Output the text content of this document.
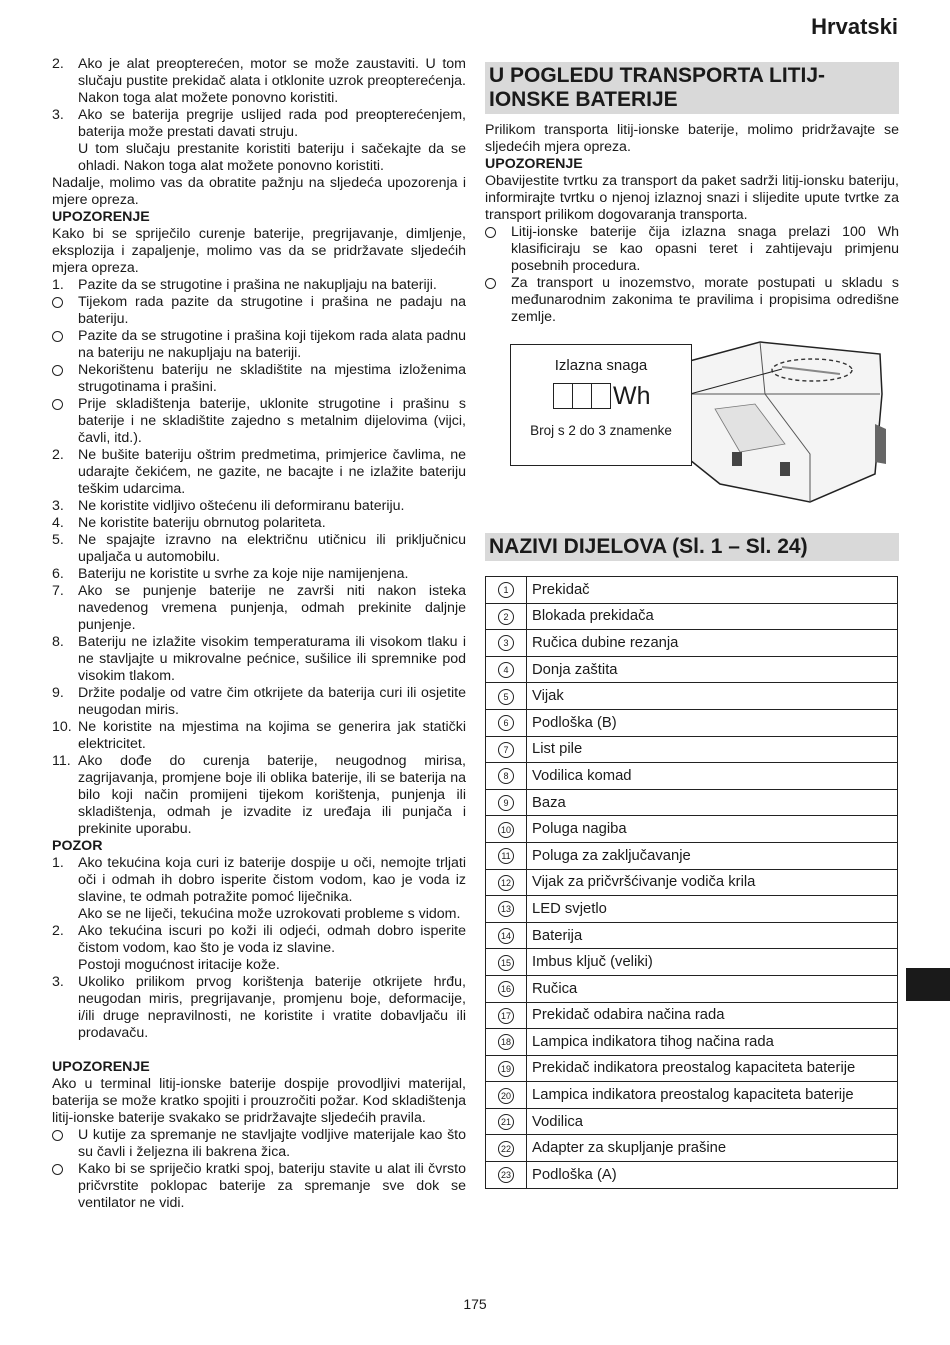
Hrvatski
2. Ako je alat preopterećen, motor se može zaustaviti. U tom slučaju pustite prekidač alata i otklonite uzrok preopterećenja. Nakon toga alat možete ponovno koristiti.
3. Ako se baterija pregrije uslijed rada pod preopterećenjem, baterija može prestati davati struju.

U tom slučaju prestanite koristiti bateriju i sačekajte da se ohladi. Nakon toga alat možete ponovno koristiti.

Nadalje, molimo vas da obratite pažnju na sljedeća upozorenja i mjere opreza.

UPOZORENJE

Kako bi se spriječilo curenje baterije, pregrijavanje, dimljenje, eksplozija i zapaljenje, molimo vas da se pridržavate sljedećih mjera opreza.

1. Pazite da se strugotine i prašina ne nakupljaju na bateriji.
Tijekom rada pazite da strugotine i prašina ne padaju na bateriju.
Pazite da se strugotine i prašina koji tijekom rada alata padnu na bateriju ne nakupljaju na bateriji.
Nekorištenu bateriju ne skladištite na mjestima izloženima strugotinama i prašini.
Prije skladištenja baterije, uklonite strugotine i prašinu s baterije i ne skladištite zajedno s metalnim dijelovima (vijci, čavli, itd.).
2. Ne bušite bateriju oštrim predmetima, primjerice čavlima, ne udarajte čekićem, ne gazite, ne bacajte i ne izlažite bateriju teškim udarcima.
3. Ne koristite vidljivo oštećenu ili deformiranu bateriju.
4. Ne koristite bateriju obrnutog polariteta.
5. Ne spajajte izravno na električnu utičnicu ili priključnicu upaljača u automobilu.
6. Bateriju ne koristite u svrhe za koje nije namijenjena.
7. Ako se punjenje baterije ne završi niti nakon isteka navedenog vremena punjenja, odmah prekinite daljnje punjenje.
8. Bateriju ne izlažite visokim temperaturama ili visokom tlaku i ne stavljajte u mikrovalne pećnice, sušilice ili spremnike pod visokim tlakom.
9. Držite podalje od vatre čim otkrijete da baterija curi ili osjetite neugodan miris.
10. Ne koristite na mjestima na kojima se generira jak statički elektricitet.
11. Ako dođe do curenja baterije, neugodnog mirisa, zagrijavanja, promjene boje ili oblika baterije, ili se baterija na bilo koji način promijeni tijekom korištenja, punjenja ili skladištenja, odmah je izvadite iz uređaja ili punjača i prekinite uporabu.

POZOR

1. Ako tekućina koja curi iz baterije dospije u oči, nemojte trljati oči i odmah ih dobro isperite čistom vodom, kao je voda iz slavine, te odmah potražite pomoć liječnika.

Ako se ne liječi, tekućina može uzrokovati probleme s vidom.

2. Ako tekućina iscuri po koži ili odjeći, odmah dobro isperite čistom vodom, kao što je voda iz slavine.

Postoji mogućnost iritacije kože.

3. Ukoliko prilikom prvog korištenja baterije otkrijete hrđu, neugodan miris, pregrijavanje, promjenu boje, deformacije, i/ili druge nepravilnosti, ne koristite i vratite dobavljaču ili prodavaču.

UPOZORENJE

Ako u terminal litij-ionske baterije dospije provodljivi materijal, baterija se može kratko spojiti i prouzročiti požar. Kod skladištenja litij-ionske baterije svakako se pridržavajte sljedećih pravila.

U kutije za spremanje ne stavljajte vodljive materijale kao što su čavli i željezna ili bakrena žica.
Kako bi se spriječio kratki spoj, bateriju stavite u alat ili čvrsto pričvrstite poklopac baterije za spremanje sve dok se ventilator ne vidi.
U POGLEDU TRANSPORTA LITIJ-IONSKE BATERIJE

Prilikom transporta litij-ionske baterije, molimo pridržavajte se sljedećih mjera opreza.

UPOZORENJE

Obavijestite tvrtku za transport da paket sadrži litij-ionsku bateriju, informirajte tvrtku o njenoj izlaznoj snazi i slijedite upute tvrtke za transport prilikom dogovaranja transporta.

Litij-ionske baterije čija izlazna snaga prelazi 100 Wh klasificiraju se kao opasni teret i zahtijevaju primjenu posebnih procedura.
Za transport u inozemstvo, morate postupati u skladu s međunarodnim zakonima te pravilima i propisima odredišne zemlje.
Izlazna snaga
Wh
Broj s 2 do 3 znamenke
NAZIVI DIJELOVA (Sl. 1 – Sl. 24)
1	Prekidač
2	Blokada prekidača
3	Ručica dubine rezanja
4	Donja zaštita
5	Vijak
6	Podloška (B)
7	List pile
8	Vodilica komad
9	Baza
10	Poluga nagiba
11	Poluga za zaključavanje
12	Vijak za pričvršćivanje vodiča krila
13	LED svjetlo
14	Baterija
15	Imbus ključ (veliki)
16	Ručica
17	Prekidač odabira načina rada
18	Lampica indikatora tihog načina rada
19	Prekidač indikatora preostalog kapaciteta baterije
20	Lampica indikatora preostalog kapaciteta baterije
21	Vodilica
22	Adapter za skupljanje prašine
23	Podloška (A)
175
